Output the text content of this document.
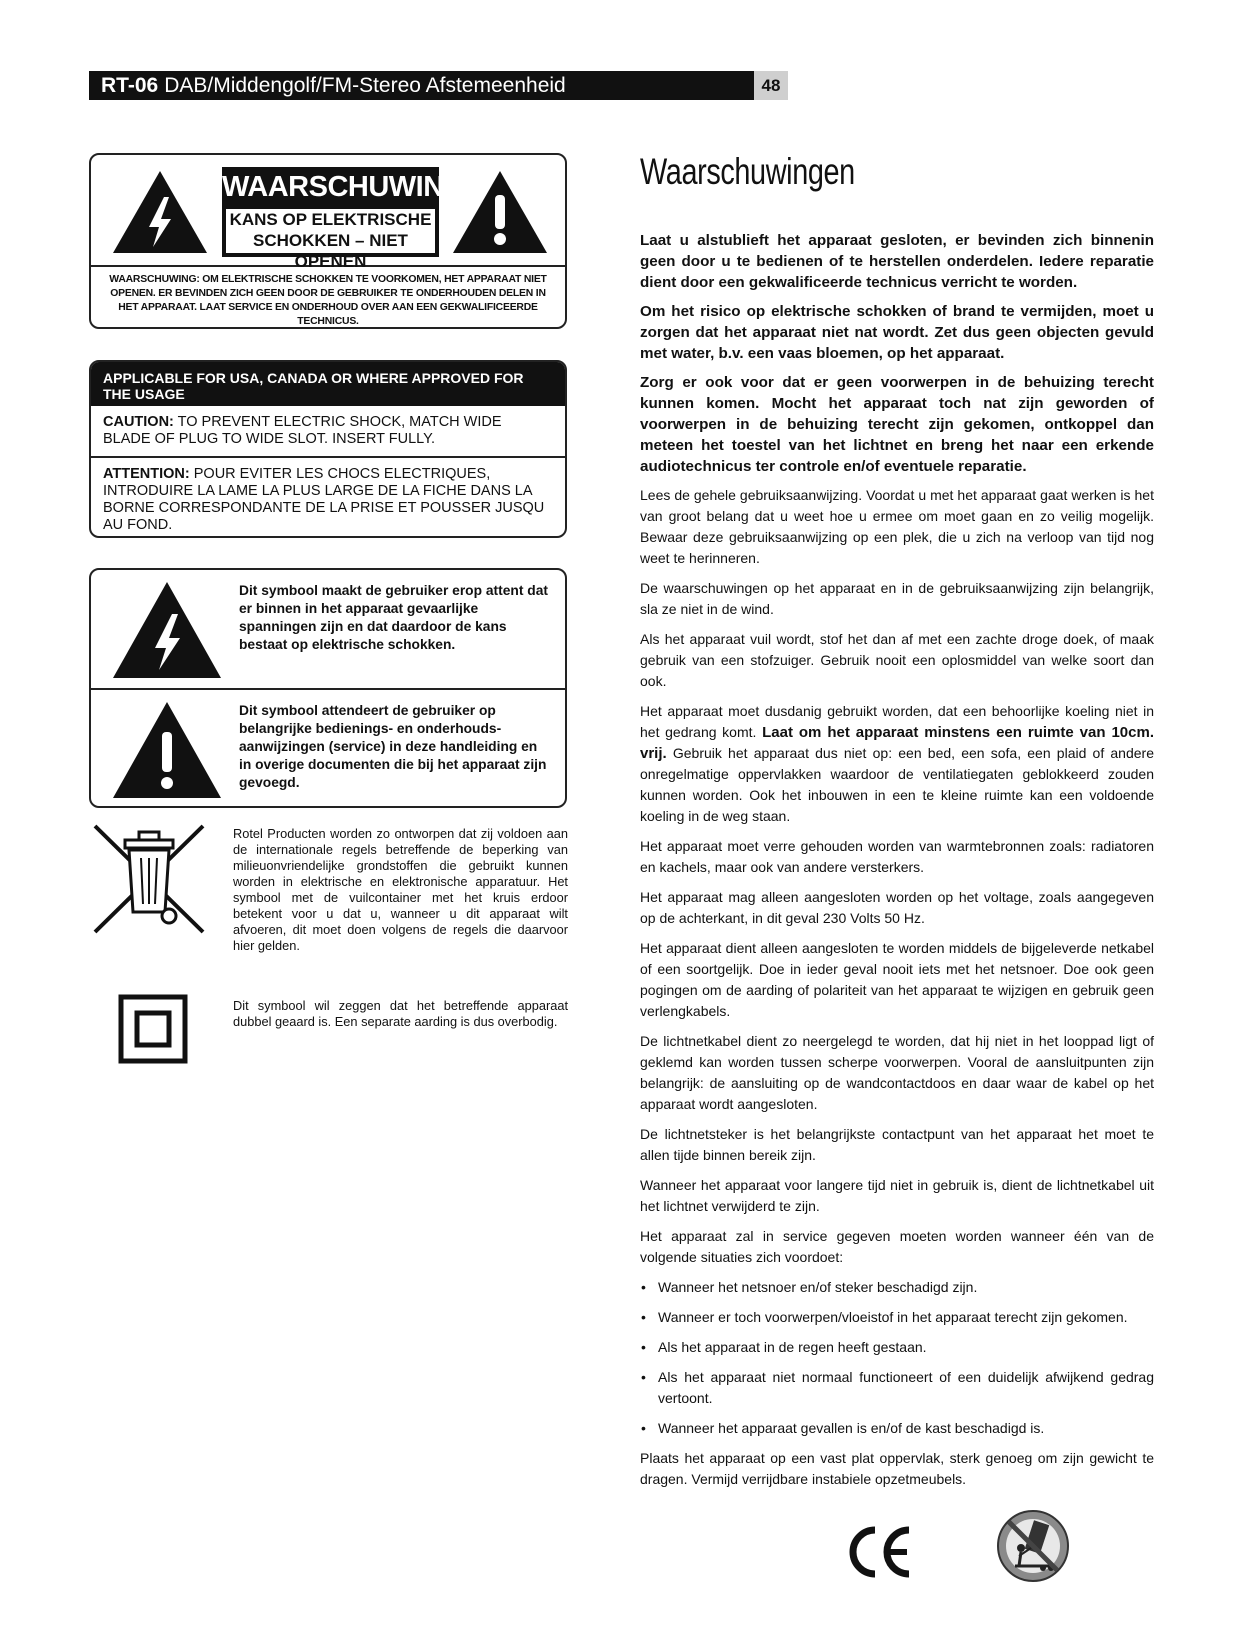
RT-06 DAB/Middengolf/FM-Stereo Afstemeenheid	48
WAARSCHUWING
KANS OP ELEKTRISCHE
SCHOKKEN – NIET OPENEN
WAARSCHUWING: OM ELEKTRISCHE SCHOKKEN TE VOORKOMEN, HET APPARAAT NIET OPENEN. ER BEVINDEN ZICH GEEN DOOR DE GEBRUIKER TE ONDERHOUDEN DELEN IN HET APPARAAT. LAAT SERVICE EN ONDERHOUD OVER AAN EEN GEKWALIFICEERDE TECHNICUS.
APPLICABLE FOR USA, CANADA OR WHERE APPROVED FOR THE USAGE
CAUTION: TO PREVENT ELECTRIC SHOCK, MATCH WIDE BLADE OF PLUG TO WIDE SLOT. INSERT FULLY.
ATTENTION: POUR EVITER LES CHOCS ELECTRIQUES, INTRODUIRE LA LAME LA PLUS LARGE DE LA FICHE DANS LA BORNE CORRESPONDANTE DE LA PRISE ET POUSSER JUSQU AU FOND.
Dit symbool maakt de gebruiker erop attent dat er binnen in het apparaat gevaarlijke spanningen zijn en dat daardoor de kans bestaat op elektrische schokken.
Dit symbool attendeert de gebruiker op belangrijke bedienings- en onderhouds- aanwijzingen (service) in deze handleiding en in overige documenten die bij het apparaat zijn gevoegd.
Rotel Producten worden zo ontworpen dat zij voldoen aan de internationale regels betreffende de beperking van milieuonvriendelijke grondstoffen die gebruikt kunnen worden in elektrische en elektronische apparatuur. Het symbool met de vuilcontainer met het kruis erdoor betekent voor u dat u, wanneer u dit apparaat wilt afvoeren, dit moet doen volgens de regels die daarvoor hier gelden.
Dit symbool wil zeggen dat het betreffende apparaat dubbel geaard is. Een separate aarding is dus overbodig.
Waarschuwingen

Laat u alstublieft het apparaat gesloten, er bevinden zich binnenin geen door u te bedienen of te herstellen onderdelen. Iedere reparatie dient door een gekwalificeerde technicus verricht te worden.

Om het risico op elektrische schokken of brand te vermijden, moet u zorgen dat het apparaat niet nat wordt. Zet dus geen objecten gevuld met water, b.v. een vaas bloemen, op het apparaat.

Zorg er ook voor dat er geen voorwerpen in de behuizing terecht kunnen komen. Mocht het apparaat toch nat zijn geworden of voorwerpen in de behuizing terecht zijn gekomen, ontkoppel dan meteen het toestel van het lichtnet en breng het naar een erkende audiotechnicus ter controle en/of eventuele reparatie.

Lees de gehele gebruiksaanwijzing. Voordat u met het apparaat gaat werken is het van groot belang dat u weet hoe u ermee om moet gaan en zo veilig mogelijk. Bewaar deze gebruiksaanwijzing op een plek, die u zich na verloop van tijd nog weet te herinneren.

De waarschuwingen op het apparaat en in de gebruiksaanwijzing zijn belangrijk, sla ze niet in de wind.

Als het apparaat vuil wordt, stof het dan af met een zachte droge doek, of maak gebruik van een stofzuiger. Gebruik nooit een oplosmiddel van welke soort dan ook.

Het apparaat moet dusdanig gebruikt worden, dat een behoorlijke koeling niet in het gedrang komt. Laat om het apparaat minstens een ruimte van 10cm. vrij. Gebruik het apparaat dus niet op: een bed, een sofa, een plaid of andere onregelmatige oppervlakken waardoor de ventilatiegaten geblokkeerd zouden kunnen worden. Ook het inbouwen in een te kleine ruimte kan een voldoende koeling in de weg staan.

Het apparaat moet verre gehouden worden van warmtebronnen zoals: radiatoren en kachels, maar ook van andere versterkers.

Het apparaat mag alleen aangesloten worden op het voltage, zoals aangegeven op de achterkant, in dit geval 230 Volts 50 Hz.

Het apparaat dient alleen aangesloten te worden middels de bijgeleverde netkabel of een soortgelijk. Doe in ieder geval nooit iets met het netsnoer. Doe ook geen pogingen om de aarding of polariteit van het apparaat te wijzigen en gebruik geen verlengkabels.

De lichtnetkabel dient zo neergelegd te worden, dat hij niet in het looppad ligt of geklemd kan worden tussen scherpe voorwerpen. Vooral de aansluitpunten zijn belangrijk: de aansluiting op de wandcontactdoos en daar waar de kabel op het apparaat wordt aangesloten.

De lichtnetsteker is het belangrijkste contactpunt van het apparaat het moet te allen tijde binnen bereik zijn.

Wanneer het apparaat voor langere tijd niet in gebruik is, dient de lichtnetkabel uit het lichtnet verwijderd te zijn.

Het apparaat zal in service gegeven moeten worden wanneer één van de volgende situaties zich voordoet:

• Wanneer het netsnoer en/of steker beschadigd zijn.
• Wanneer er toch voorwerpen/vloeistof in het apparaat terecht zijn gekomen.
• Als het apparaat in de regen heeft gestaan.
• Als het apparaat niet normaal functioneert of een duidelijk afwijkend gedrag vertoont.
• Wanneer het apparaat gevallen is en/of de kast beschadigd is.

Plaats het apparaat op een vast plat oppervlak, sterk genoeg om zijn gewicht te dragen. Vermijd verrijdbare instabiele opzetmeubels.
